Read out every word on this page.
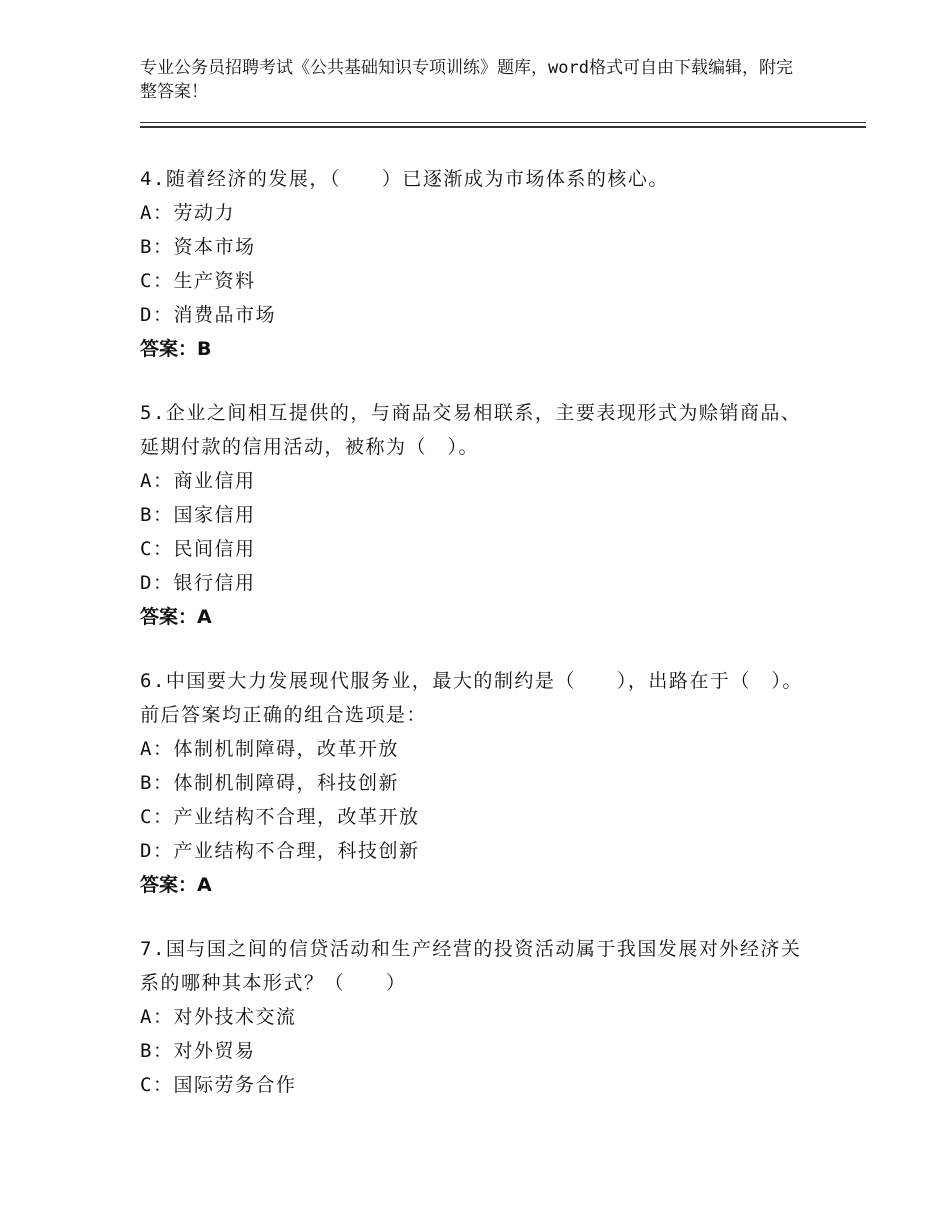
专业公务员招聘考试《公共基础知识专项训练》题库，word格式可自由下载编辑，附完整答案！
4.随着经济的发展，（　　）已逐渐成为市场体系的核心。
A：劳动力
B：资本市场
C：生产资料
D：消费品市场
答案：B
5.企业之间相互提供的，与商品交易相联系，主要表现形式为赊销商品、延期付款的信用活动，被称为（　）。
A：商业信用
B：国家信用
C：民间信用
D：银行信用
答案：A
6.中国要大力发展现代服务业，最大的制约是（　　），出路在于（　）。前后答案均正确的组合选项是：
A：体制机制障碍，改革开放
B：体制机制障碍，科技创新
C：产业结构不合理，改革开放
D：产业结构不合理，科技创新
答案：A
7.国与国之间的信贷活动和生产经营的投资活动属于我国发展对外经济关系的哪种其本形式？（　　）
A：对外技术交流
B：对外贸易
C：国际劳务合作
